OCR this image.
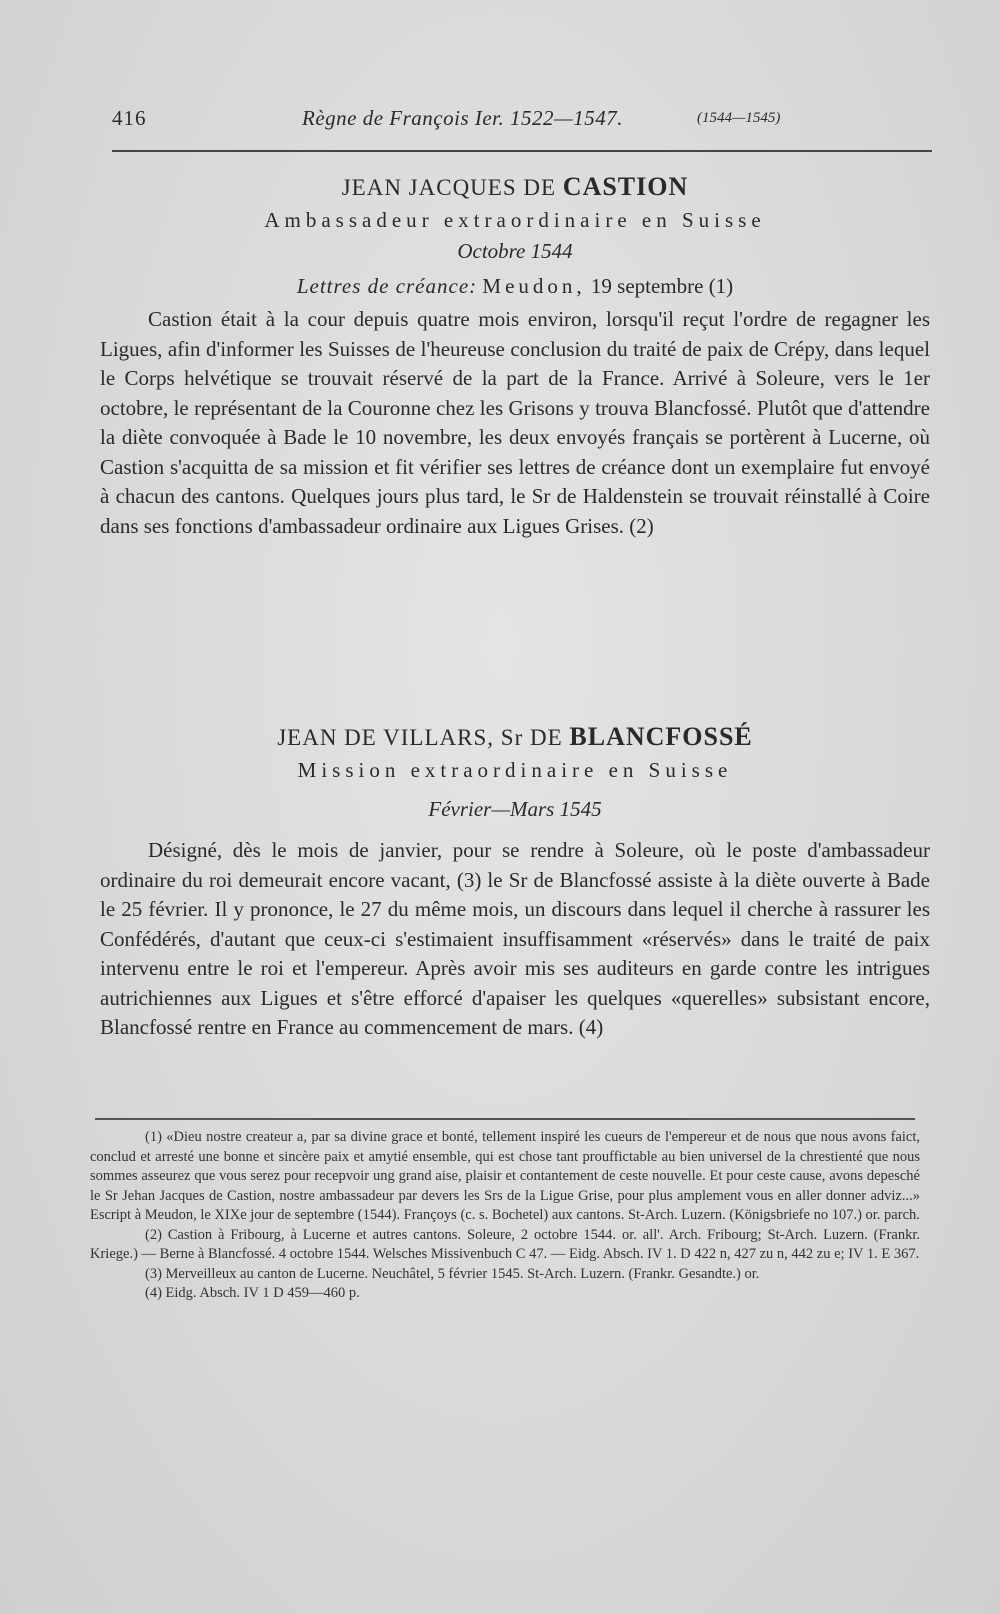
416	Règne de François Ier. 1522—1547.	(1544—1545)
JEAN JACQUES DE CASTION
Ambassadeur extraordinaire en Suisse
Octobre 1544
Lettres de créance: Meudon, 19 septembre (1)

Castion était à la cour depuis quatre mois environ, lorsqu'il reçut l'ordre de regagner les Ligues, afin d'informer les Suisses de l'heureuse conclusion du traité de paix de Crépy, dans lequel le Corps helvétique se trouvait réservé de la part de la France. Arrivé à Soleure, vers le 1er octobre, le représentant de la Couronne chez les Grisons y trouva Blancfossé. Plutôt que d'attendre la diète convoquée à Bade le 10 novembre, les deux envoyés français se portèrent à Lucerne, où Castion s'acquitta de sa mission et fit vérifier ses lettres de créance dont un exemplaire fut envoyé à chacun des cantons. Quelques jours plus tard, le Sr de Haldenstein se trouvait réinstallé à Coire dans ses fonctions d'ambassadeur ordinaire aux Ligues Grises. (2)

JEAN DE VILLARS, Sr DE BLANCFOSSÉ
Mission extraordinaire en Suisse
Février—Mars 1545

Désigné, dès le mois de janvier, pour se rendre à Soleure, où le poste d'ambassadeur ordinaire du roi demeurait encore vacant, (3) le Sr de Blancfossé assiste à la diète ouverte à Bade le 25 février. Il y prononce, le 27 du même mois, un discours dans lequel il cherche à rassurer les Confédérés, d'autant que ceux-ci s'estimaient insuffisamment «réservés» dans le traité de paix intervenu entre le roi et l'empereur. Après avoir mis ses auditeurs en garde contre les intrigues autrichiennes aux Ligues et s'être efforcé d'apaiser les quelques «querelles» subsistant encore, Blancfossé rentre en France au commencement de mars. (4)

(1) «Dieu nostre createur a, par sa divine grace et bonté, tellement inspiré les cueurs de l'empereur et de nous que nous avons faict, conclud et arresté une bonne et sincère paix et amytié ensemble, qui est chose tant prouffictable au bien universel de la chrestienté que nous sommes asseurez que vous serez pour recepvoir ung grand aise, plaisir et contantement de ceste nouvelle. Et pour ceste cause, avons depesché le Sr Jehan Jacques de Castion, nostre ambassadeur par devers les Srs de la Ligue Grise, pour plus amplement vous en aller donner adviz...» Escript à Meudon, le XIXe jour de septembre (1544). Françoys (c. s. Bochetel) aux cantons. St-Arch. Luzern. (Königsbriefe no 107.) or. parch.

(2) Castion à Fribourg, à Lucerne et autres cantons. Soleure, 2 octobre 1544. or. all'. Arch. Fribourg; St-Arch. Luzern. (Frankr. Kriege.) — Berne à Blancfossé. 4 octobre 1544. Welsches Missivenbuch C 47. — Eidg. Absch. IV 1. D 422 n, 427 zu n, 442 zu e; IV 1. E 367.

(3) Merveilleux au canton de Lucerne. Neuchâtel, 5 février 1545. St-Arch. Luzern. (Frankr. Gesandte.) or.

(4) Eidg. Absch. IV 1 D 459—460 p.
